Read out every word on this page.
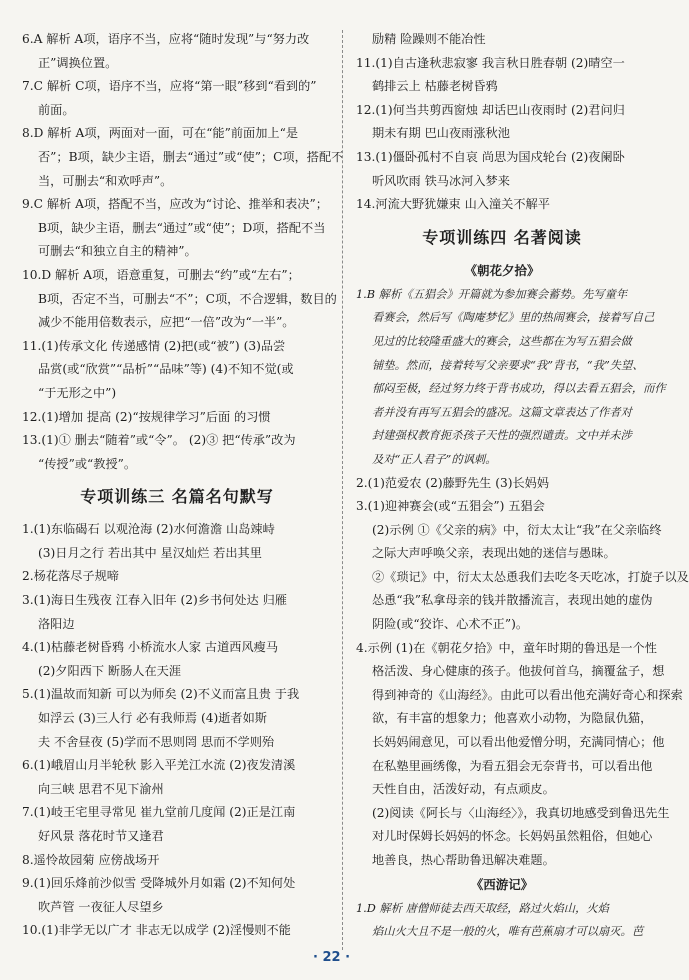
6.A 解析 A项，语序不当，应将“随时发现”与“努力改
正”调换位置。
7.C 解析 C项，语序不当，应将“第一眼”移到“看到的”
前面。
8.D 解析 A项，两面对一面，可在“能”前面加上“是
否”；B项，缺少主语，删去“通过”或“使”；C项，搭配不
当，可删去“和欢呼声”。
9.C 解析 A项，搭配不当，应改为“讨论、推举和表决”；
B项，缺少主语，删去“通过”或“使”；D项，搭配不当
可删去“和独立自主的精神”。
10.D 解析 A项，语意重复，可删去“约”或“左右”；
B项，否定不当，可删去“不”；C项，不合逻辑，数目的
减少不能用倍数表示，应把“一倍”改为“一半”。
11.(1)传承文化 传递感情 (2)把(或“被”) (3)品尝
品赏(或“欣赏”“品析”“品味”等) (4)不知不觉(或
“于无形之中”)
12.(1)增加 提高 (2)“按规律学习”后面 的习惯
13.(1)① 删去“随着”或“令”。 (2)③ 把“传承”改为
“传授”或“教授”。
专项训练三 名篇名句默写
1.(1)东临碣石 以观沧海 (2)水何澹澹 山岛竦峙
(3)日月之行 若出其中 星汉灿烂 若出其里
2.杨花落尽子规啼
3.(1)海日生残夜 江春入旧年 (2)乡书何处达 归雁
洛阳边
4.(1)枯藤老树昏鸦 小桥流水人家 古道西风瘦马
(2)夕阳西下 断肠人在天涯
5.(1)温故而知新 可以为师矣 (2)不义而富且贵 于我
如浮云 (3)三人行 必有我师焉 (4)逝者如斯
夫 不舍昼夜 (5)学而不思则罔 思而不学则殆
6.(1)峨眉山月半轮秋 影入平羌江水流 (2)夜发清溪
向三峡 思君不见下渝州
7.(1)岐王宅里寻常见 崔九堂前几度闻 (2)正是江南
好风景 落花时节又逢君
8.遥怜故园菊 应傍战场开
9.(1)回乐烽前沙似雪 受降城外月如霜 (2)不知何处
吹芦管 一夜征人尽望乡
10.(1)非学无以广才 非志无以成学 (2)淫慢则不能
励精 险躁则不能冶性
11.(1)自古逢秋悲寂寥 我言秋日胜春朝 (2)晴空一
鹤排云上 枯藤老树昏鸦
12.(1)何当共剪西窗烛 却话巴山夜雨时 (2)君问归
期未有期 巴山夜雨涨秋池
13.(1)僵卧孤村不自哀 尚思为国戍轮台 (2)夜阑卧
听风吹雨 铁马冰河入梦来
14.河流大野犹嫌束 山入潼关不解平
专项训练四 名著阅读
《朝花夕拾》
1.B 解析《五猖会》开篇就为参加赛会蓄势。先写童年
看赛会，然后写《陶庵梦忆》里的热闹赛会，接着写自己
见过的比较隆重盛大的赛会，这些都在为写五猖会做
铺垫。然而，接着转写父亲要求“我”背书，“我”失望、
郁闷至极，经过努力终于背书成功，得以去看五猖会，而作
者并没有再写五猖会的盛况。这篇文章表达了作者对
封建强权教育扼杀孩子天性的强烈谴责。文中并未涉
及对“正人君子”的讽刺。
2.(1)范爱农 (2)藤野先生 (3)长妈妈
3.(1)迎神赛会(或“五猖会”) 五猖会
(2)示例 ①《父亲的病》中，衍太太让“我”在父亲临终
之际大声呼唤父亲，表现出她的迷信与愚昧。
②《琐记》中，衍太太怂恿我们去吃冬天吃冰，打旋子以及
怂恿“我”私拿母亲的钱并散播流言，表现出她的虚伪
阴险(或“狡诈、心术不正”)。
4.示例 (1)在《朝花夕拾》中，童年时期的鲁迅是一个性
格活泼、身心健康的孩子。他拔何首乌，摘覆盆子，想
得到神奇的《山海经》。由此可以看出他充满好奇心和探索
欲，有丰富的想象力；他喜欢小动物，为隐鼠仇猫，
长妈妈闹意见，可以看出他爱憎分明，充满同情心；他
在私塾里画绣像，为看五猖会无奈背书，可以看出他
天性自由，活泼好动，有点顽皮。
(2)阅读《阿长与〈山海经〉》，我真切地感受到鲁迅先生
对儿时保姆长妈妈的怀念。长妈妈虽然粗俗，但她心
地善良，热心帮助鲁迅解决难题。
《西游记》
1.D 解析 唐僧师徒去西天取经，路过火焰山，火焰
焰山火大且不是一般的火，唯有芭蕉扇才可以扇灭。芭
· 22 ·
